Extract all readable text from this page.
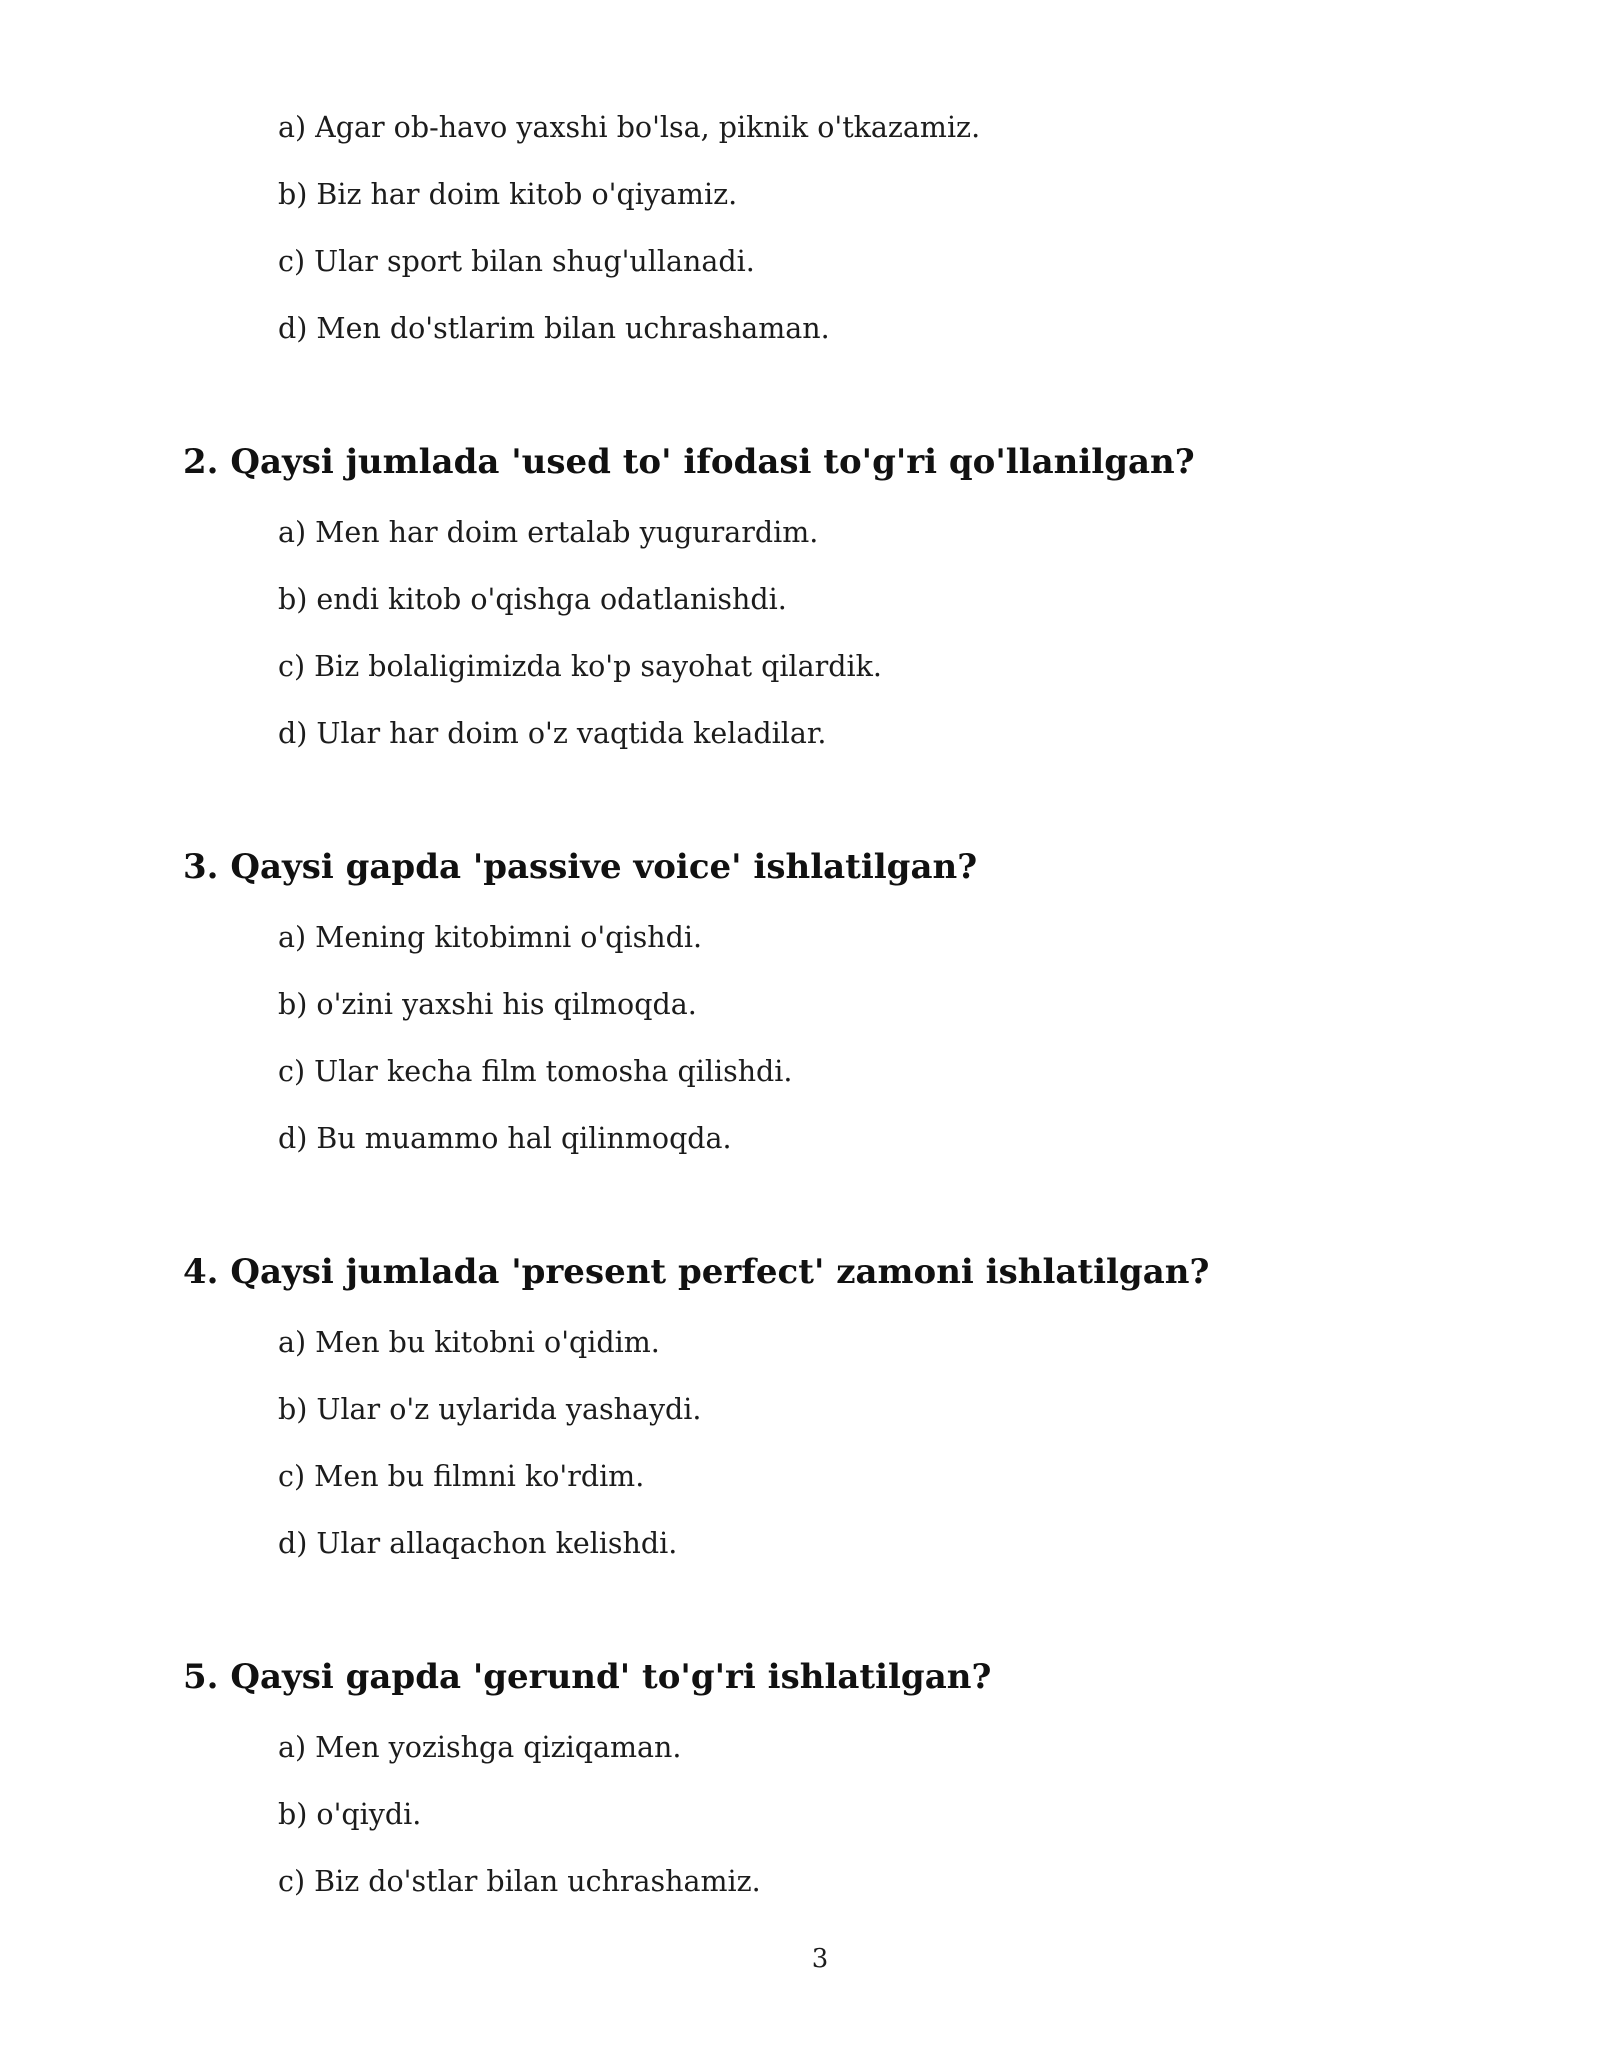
a) Agar ob-havo yaxshi bo'lsa, piknik o'tkazamiz.
b) Biz har doim kitob o'qiyamiz.
c) Ular sport bilan shug'ullanadi.
d) Men do'stlarim bilan uchrashaman.
2. Qaysi jumlada 'used to' ifodasi to'g'ri qo'llanilgan?
a) Men har doim ertalab yugurardim.
b) endi kitob o'qishga odatlanishdi.
c) Biz bolaligimizda ko'p sayohat qilardik.
d) Ular har doim o'z vaqtida keladilar.
3. Qaysi gapda 'passive voice' ishlatilgan?
a) Mening kitobimni o'qishdi.
b) o'zini yaxshi his qilmoqda.
c) Ular kecha film tomosha qilishdi.
d) Bu muammo hal qilinmoqda.
4. Qaysi jumlada 'present perfect' zamoni ishlatilgan?
a) Men bu kitobni o'qidim.
b) Ular o'z uylarida yashaydi.
c) Men bu filmni ko'rdim.
d) Ular allaqachon kelishdi.
5. Qaysi gapda 'gerund' to'g'ri ishlatilgan?
a) Men yozishga qiziqaman.
b) o'qiydi.
c) Biz do'stlar bilan uchrashamiz.
3
